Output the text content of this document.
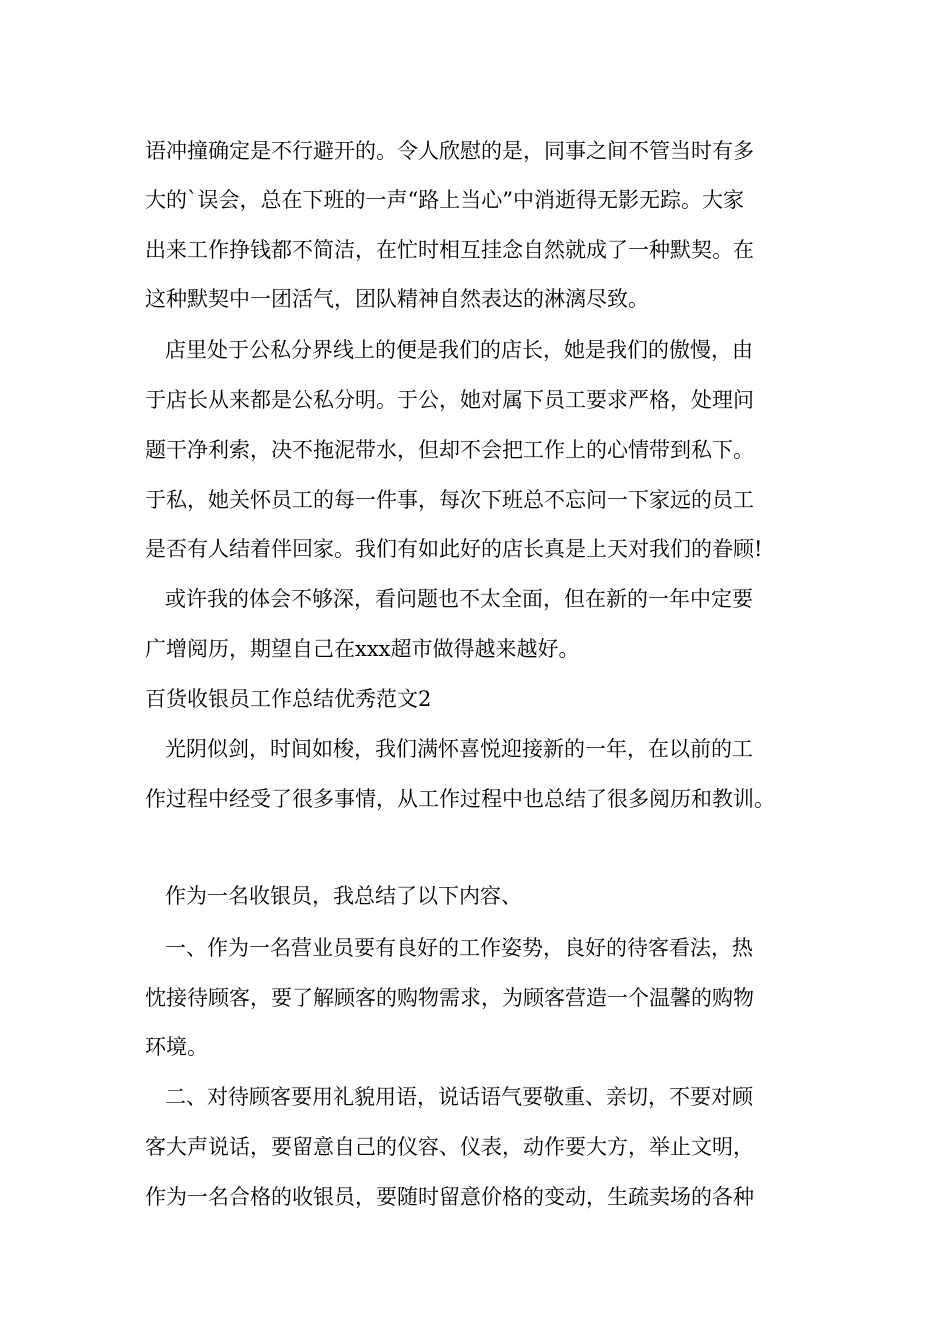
语冲撞确定是不行避开的。令人欣慰的是，同事之间不管当时有多
大的`误会，总在下班的一声“路上当心”中消逝得无影无踪。大家
出来工作挣钱都不简洁，在忙时相互挂念自然就成了一种默契。在
这种默契中一团活气，团队精神自然表达的淋漓尽致。
店里处于公私分界线上的便是我们的店长，她是我们的傲慢，由
于店长从来都是公私分明。于公，她对属下员工要求严格，处理问
题干净利索，决不拖泥带水，但却不会把工作上的心情带到私下。
于私，她关怀员工的每一件事，每次下班总不忘问一下家远的员工
是否有人结着伴回家。我们有如此好的店长真是上天对我们的眷顾!
或许我的体会不够深，看问题也不太全面，但在新的一年中定要
广增阅历，期望自己在xxx超市做得越来越好。
百货收银员工作总结优秀范文2
光阴似剑，时间如梭，我们满怀喜悦迎接新的一年，在以前的工
作过程中经受了很多事情，从工作过程中也总结了很多阅历和教训。
作为一名收银员，我总结了以下内容、
一、作为一名营业员要有良好的工作姿势，良好的待客看法，热
忱接待顾客，要了解顾客的购物需求，为顾客营造一个温馨的购物
环境。
二、对待顾客要用礼貌用语，说话语气要敬重、亲切，不要对顾
客大声说话，要留意自己的仪容、仪表，动作要大方，举止文明，
作为一名合格的收银员，要随时留意价格的变动，生疏卖场的各种
